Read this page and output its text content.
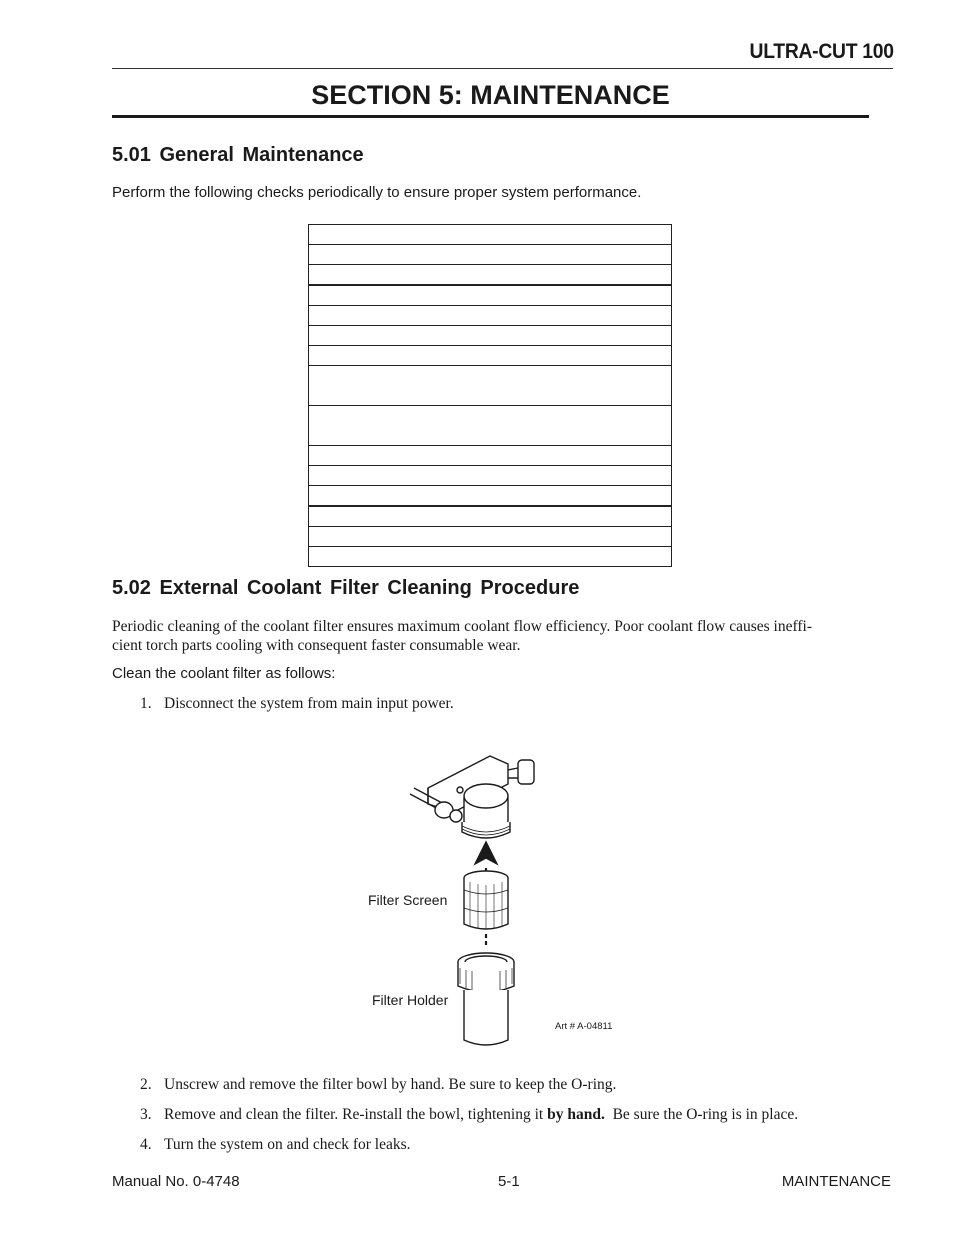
ULTRA-CUT 100
SECTION 5: MAINTENANCE
5.01 General Maintenance
Perform the following checks periodically to ensure proper system performance.

5.02 External Coolant Filter Cleaning Procedure
Periodic cleaning of the coolant filter ensures maximum coolant flow efficiency. Poor coolant flow causes ineffi-
cient torch parts cooling with consequent faster consumable wear.
Clean the coolant filter as follows:
1. Disconnect the system from main input power.
Filter Screen
Filter Holder
Art # A-04811
2. Unscrew and remove the filter bowl by hand. Be sure to keep the O-ring.
3. Remove and clean the filter. Re-install the bowl, tightening it by hand.  Be sure the O-ring is in place.
4. Turn the system on and check for leaks.
Manual No. 0-4748	5-1	MAINTENANCE
